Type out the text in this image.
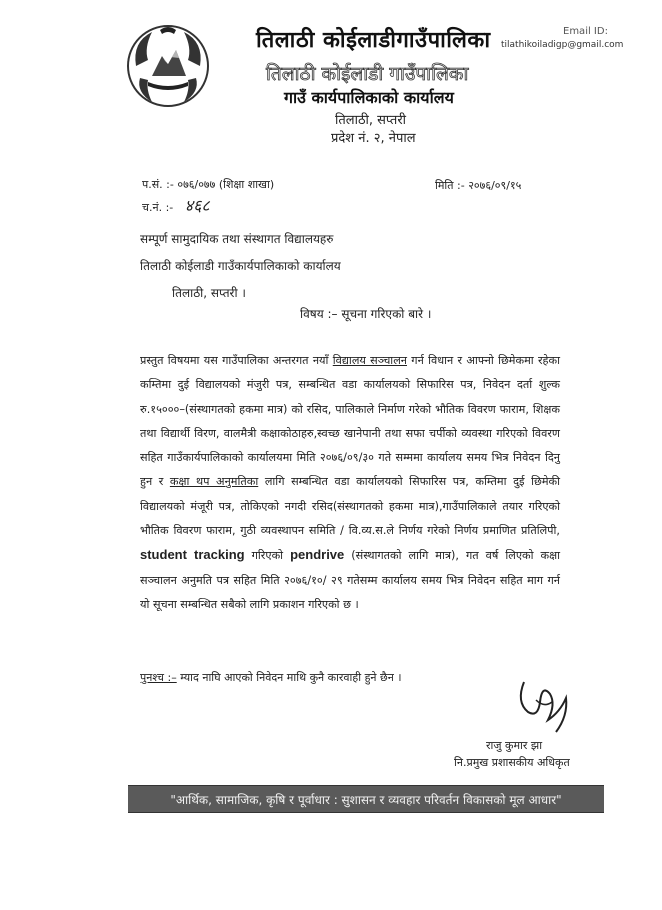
तिलाठी कोईलाडीगाउँपालिका
तिलाठी कोईलाडी गाउँपालिका
गाउँ कार्यपालिकाको कार्यालय
तिलाठी, सप्तरी
प्रदेश नं. २, नेपाल
Email ID:
tilathikoiladigp@gmail.com
प.सं. :- ०७६/०७७ (शिक्षा शाखा)
च.नं. :- ४६८
मिति :- २०७६/०९/१५
सम्पूर्ण सामुदायिक तथा संस्थागत विद्यालयहरु
तिलाठी कोईलाडी गाउँकार्यपालिकाको कार्यालय
तिलाठी, सप्तरी ।
विषय :– सूचना गरिएको बारे ।

प्रस्तुत विषयमा यस गाउँपालिका अन्तरगत नयाँ विद्यालय सञ्चालन गर्न विधान र आफ्नो छिमेकमा रहेका कम्तिमा दुई विद्यालयको मंजुरी पत्र, सम्बन्धित वडा कार्यालयको सिफारिस पत्र, निवेदन दर्ता शुल्क रु.१५०००–(संस्थागतको हकमा मात्र) को रसिद, पालिकाले निर्माण गरेको भौतिक विवरण फाराम, शिक्षक तथा विद्यार्थी विरण, वालमैत्री कक्षाकोठाहरु,स्वच्छ खानेपानी तथा सफा चर्पीको व्यवस्था गरिएको विवरण सहित गाउँकार्यपालिकाको कार्यालयमा मिति २०७६/०९/३० गते सम्ममा कार्यालय समय भित्र निवेदन दिनु हुन र कक्षा थप अनुमतिका लागि सम्बन्धित वडा कार्यालयको सिफारिस पत्र, कम्तिमा दुई छिमेकी विद्यालयको मंजूरी पत्र, तोकिएको नगदी रसिद(संस्थागतको हकमा मात्र),गाउँपालिकाले तयार गरिएको भौतिक विवरण फाराम, गुठी व्यवस्थापन समिति / वि.व्य.स.ले निर्णय गरेको निर्णय प्रमाणित प्रतिलिपी, student tracking गरिएको pendrive (संस्थागतको लागि मात्र), गत वर्ष लिएको कक्षा सञ्चालन अनुमति पत्र सहित मिति २०७६/१०/ २९ गतेसम्म कार्यालय समय भित्र निवेदन सहित माग गर्न यो सूचना सम्बन्धित सबैको लागि प्रकाशन गरिएको छ ।

पुनश्च :– म्याद नाघि आएको निवेदन माथि कुनै कारवाही हुने छैन ।
राजु कुमार झा
नि.प्रमुख प्रशासकीय अधिकृत
"आर्थिक, सामाजिक, कृषि र पूर्वाधार : सुशासन र व्यवहार परिवर्तन विकासको मूल आधार"
